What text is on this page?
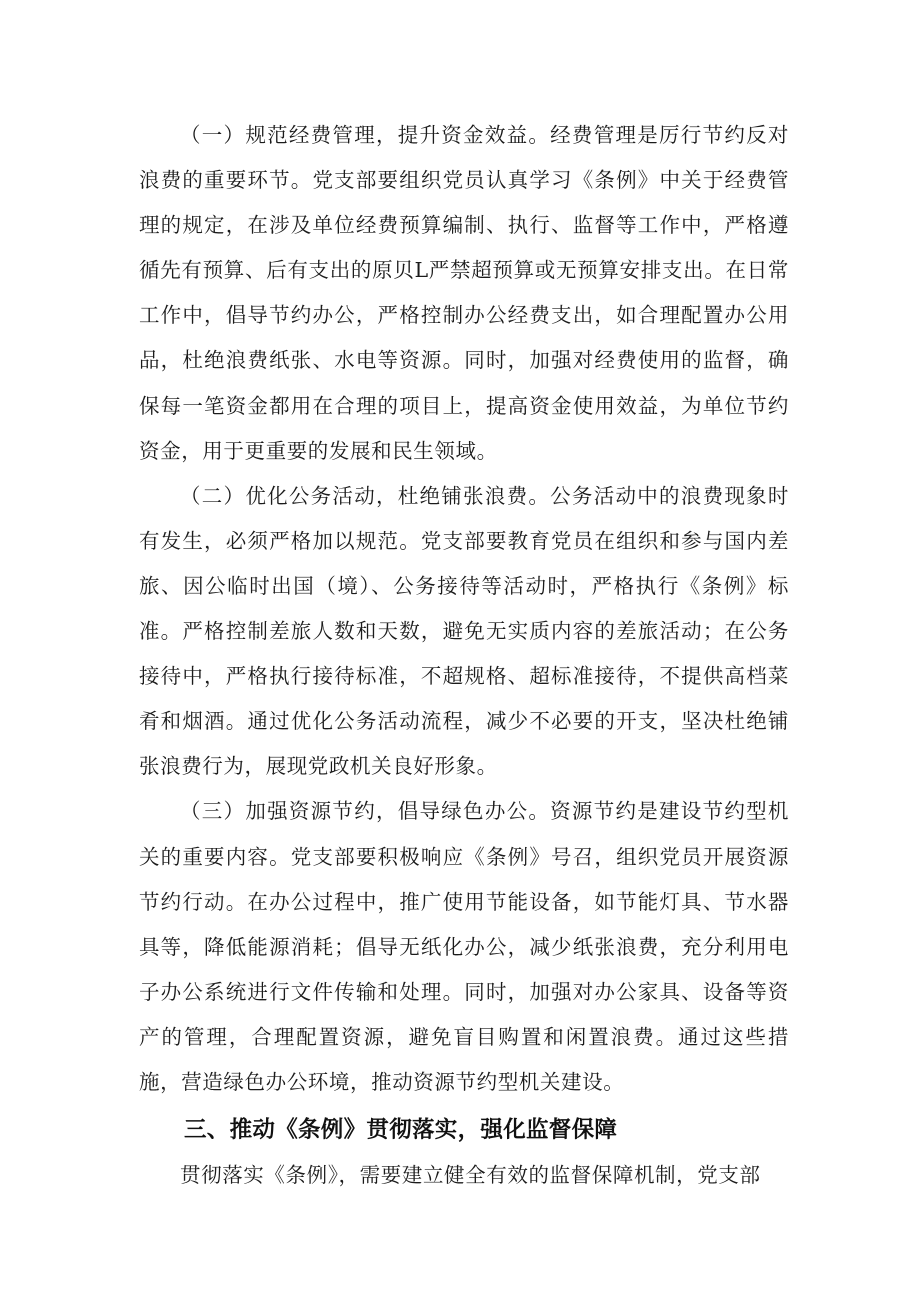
（一）规范经费管理，提升资金效益。经费管理是厉行节约反对浪费的重要环节。党支部要组织党员认真学习《条例》中关于经费管理的规定，在涉及单位经费预算编制、执行、监督等工作中，严格遵循先有预算、后有支出的原贝L严禁超预算或无预算安排支出。在日常工作中，倡导节约办公，严格控制办公经费支出，如合理配置办公用品，杜绝浪费纸张、水电等资源。同时，加强对经费使用的监督，确保每一笔资金都用在合理的项目上，提高资金使用效益，为单位节约资金，用于更重要的发展和民生领域。

（二）优化公务活动，杜绝铺张浪费。公务活动中的浪费现象时有发生，必须严格加以规范。党支部要教育党员在组织和参与国内差旅、因公临时出国（境）、公务接待等活动时，严格执行《条例》标准。严格控制差旅人数和天数，避免无实质内容的差旅活动；在公务接待中，严格执行接待标准，不超规格、超标准接待，不提供高档菜肴和烟酒。通过优化公务活动流程，减少不必要的开支，坚决杜绝铺张浪费行为，展现党政机关良好形象。

（三）加强资源节约，倡导绿色办公。资源节约是建设节约型机关的重要内容。党支部要积极响应《条例》号召，组织党员开展资源节约行动。在办公过程中，推广使用节能设备，如节能灯具、节水器具等，降低能源消耗；倡导无纸化办公，减少纸张浪费，充分利用电子办公系统进行文件传输和处理。同时，加强对办公家具、设备等资产的管理，合理配置资源，避免盲目购置和闲置浪费。通过这些措施，营造绿色办公环境，推动资源节约型机关建设。

三、推动《条例》贯彻落实，强化监督保障

贯彻落实《条例》，需要建立健全有效的监督保障机制，党支部
